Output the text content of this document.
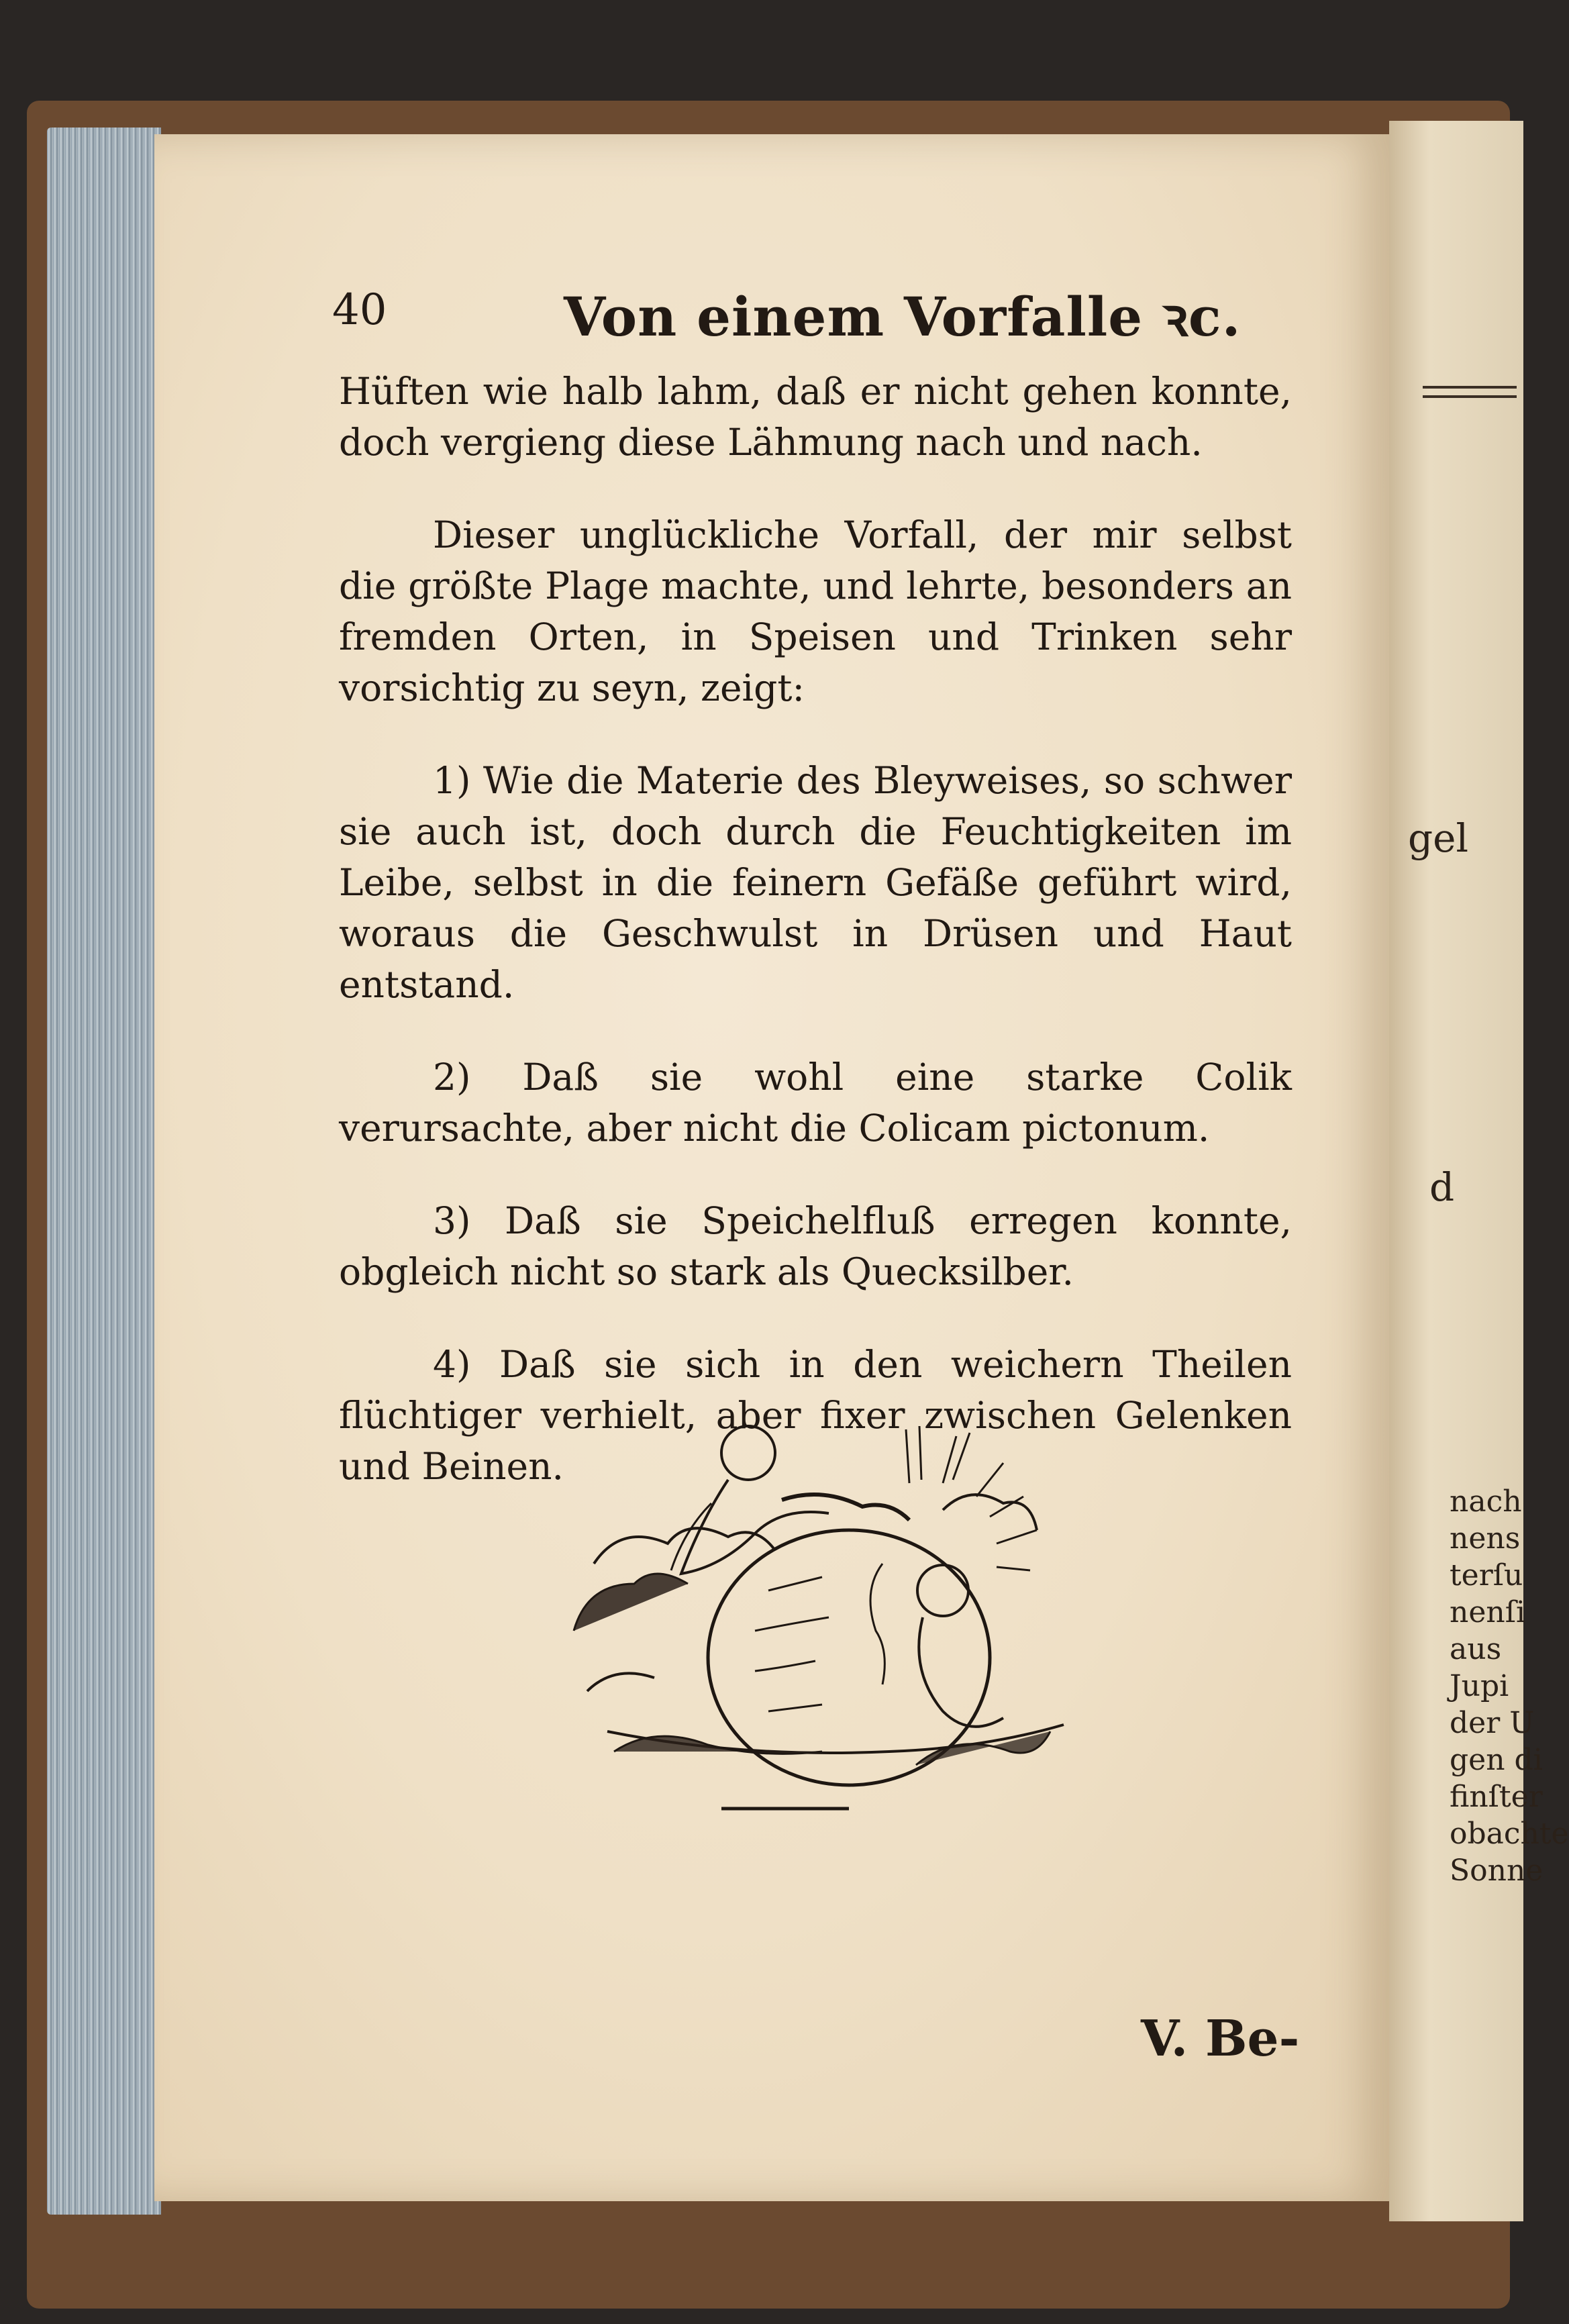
gel
d
nach
nens
terſu
nenſi
aus
Jupi
der U
gen di
finſter
obachte
Sonne
40	Von einem Vorfalle ꝛc.

Hüften wie halb lahm, daß er nicht gehen konnte, doch vergieng diese Lähmung nach und nach.

Dieser unglückliche Vorfall, der mir selbst die größte Plage machte, und lehrte, besonders an fremden Orten, in Speisen und Trinken sehr vorsichtig zu seyn, zeigt:

1) Wie die Materie des Bleyweises, so schwer sie auch ist, doch durch die Feuchtigkeiten im Leibe, selbst in die feinern Gefäße geführt wird, woraus die Geschwulst in Drüsen und Haut entstand.

2) Daß sie wohl eine starke Colik verursachte, aber nicht die Colicam pictonum.

3) Daß sie Speichelfluß erregen konnte, obgleich nicht so stark als Quecksilber.

4) Daß sie sich in den weichern Theilen flüchtiger verhielt, aber fixer zwischen Gelenken und Beinen.

V. Be-
